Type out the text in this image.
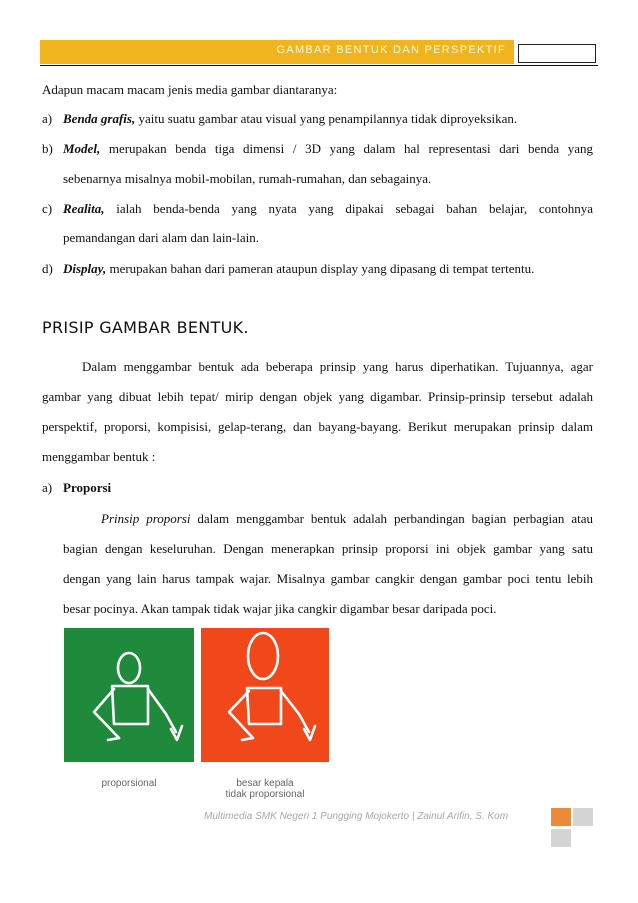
GAMBAR BENTUK DAN PERSPEKTIF
Adapun macam macam jenis media gambar diantaranya:
a) Benda grafis, yaitu suatu gambar atau visual yang penampilannya tidak diproyeksikan.
b) Model, merupakan benda tiga dimensi / 3D yang dalam hal representasi dari benda yang
sebenarnya misalnya mobil-mobilan, rumah-rumahan, dan sebagainya.
c) Realita, ialah benda-benda yang nyata yang dipakai sebagai bahan belajar, contohnya
pemandangan dari alam dan lain-lain.
d) Display, merupakan bahan dari pameran ataupun display yang dipasang di tempat tertentu.
PRISIP GAMBAR BENTUK.
Dalam menggambar bentuk ada beberapa prinsip yang harus diperhatikan. Tujuannya, agar
gambar yang dibuat lebih tepat/ mirip dengan objek yang digambar. Prinsip-prinsip tersebut adalah
perspektif, proporsi, kompisisi, gelap-terang, dan bayang-bayang. Berikut merupakan prinsip dalam
menggambar bentuk :
a) Proporsi
Prinsip proporsi dalam menggambar bentuk adalah perbandingan bagian perbagian atau
bagian dengan keseluruhan. Dengan menerapkan prinsip proporsi ini objek gambar yang satu
dengan yang lain harus tampak wajar. Misalnya gambar cangkir dengan gambar poci tentu lebih
besar pocinya. Akan tampak tidak wajar jika cangkir digambar besar daripada poci.
proporsional	besar kepala
tidak proporsional
Multimedia SMK Negeri 1 Pungging Mojokerto | Zainul Arifin, S. Kom
